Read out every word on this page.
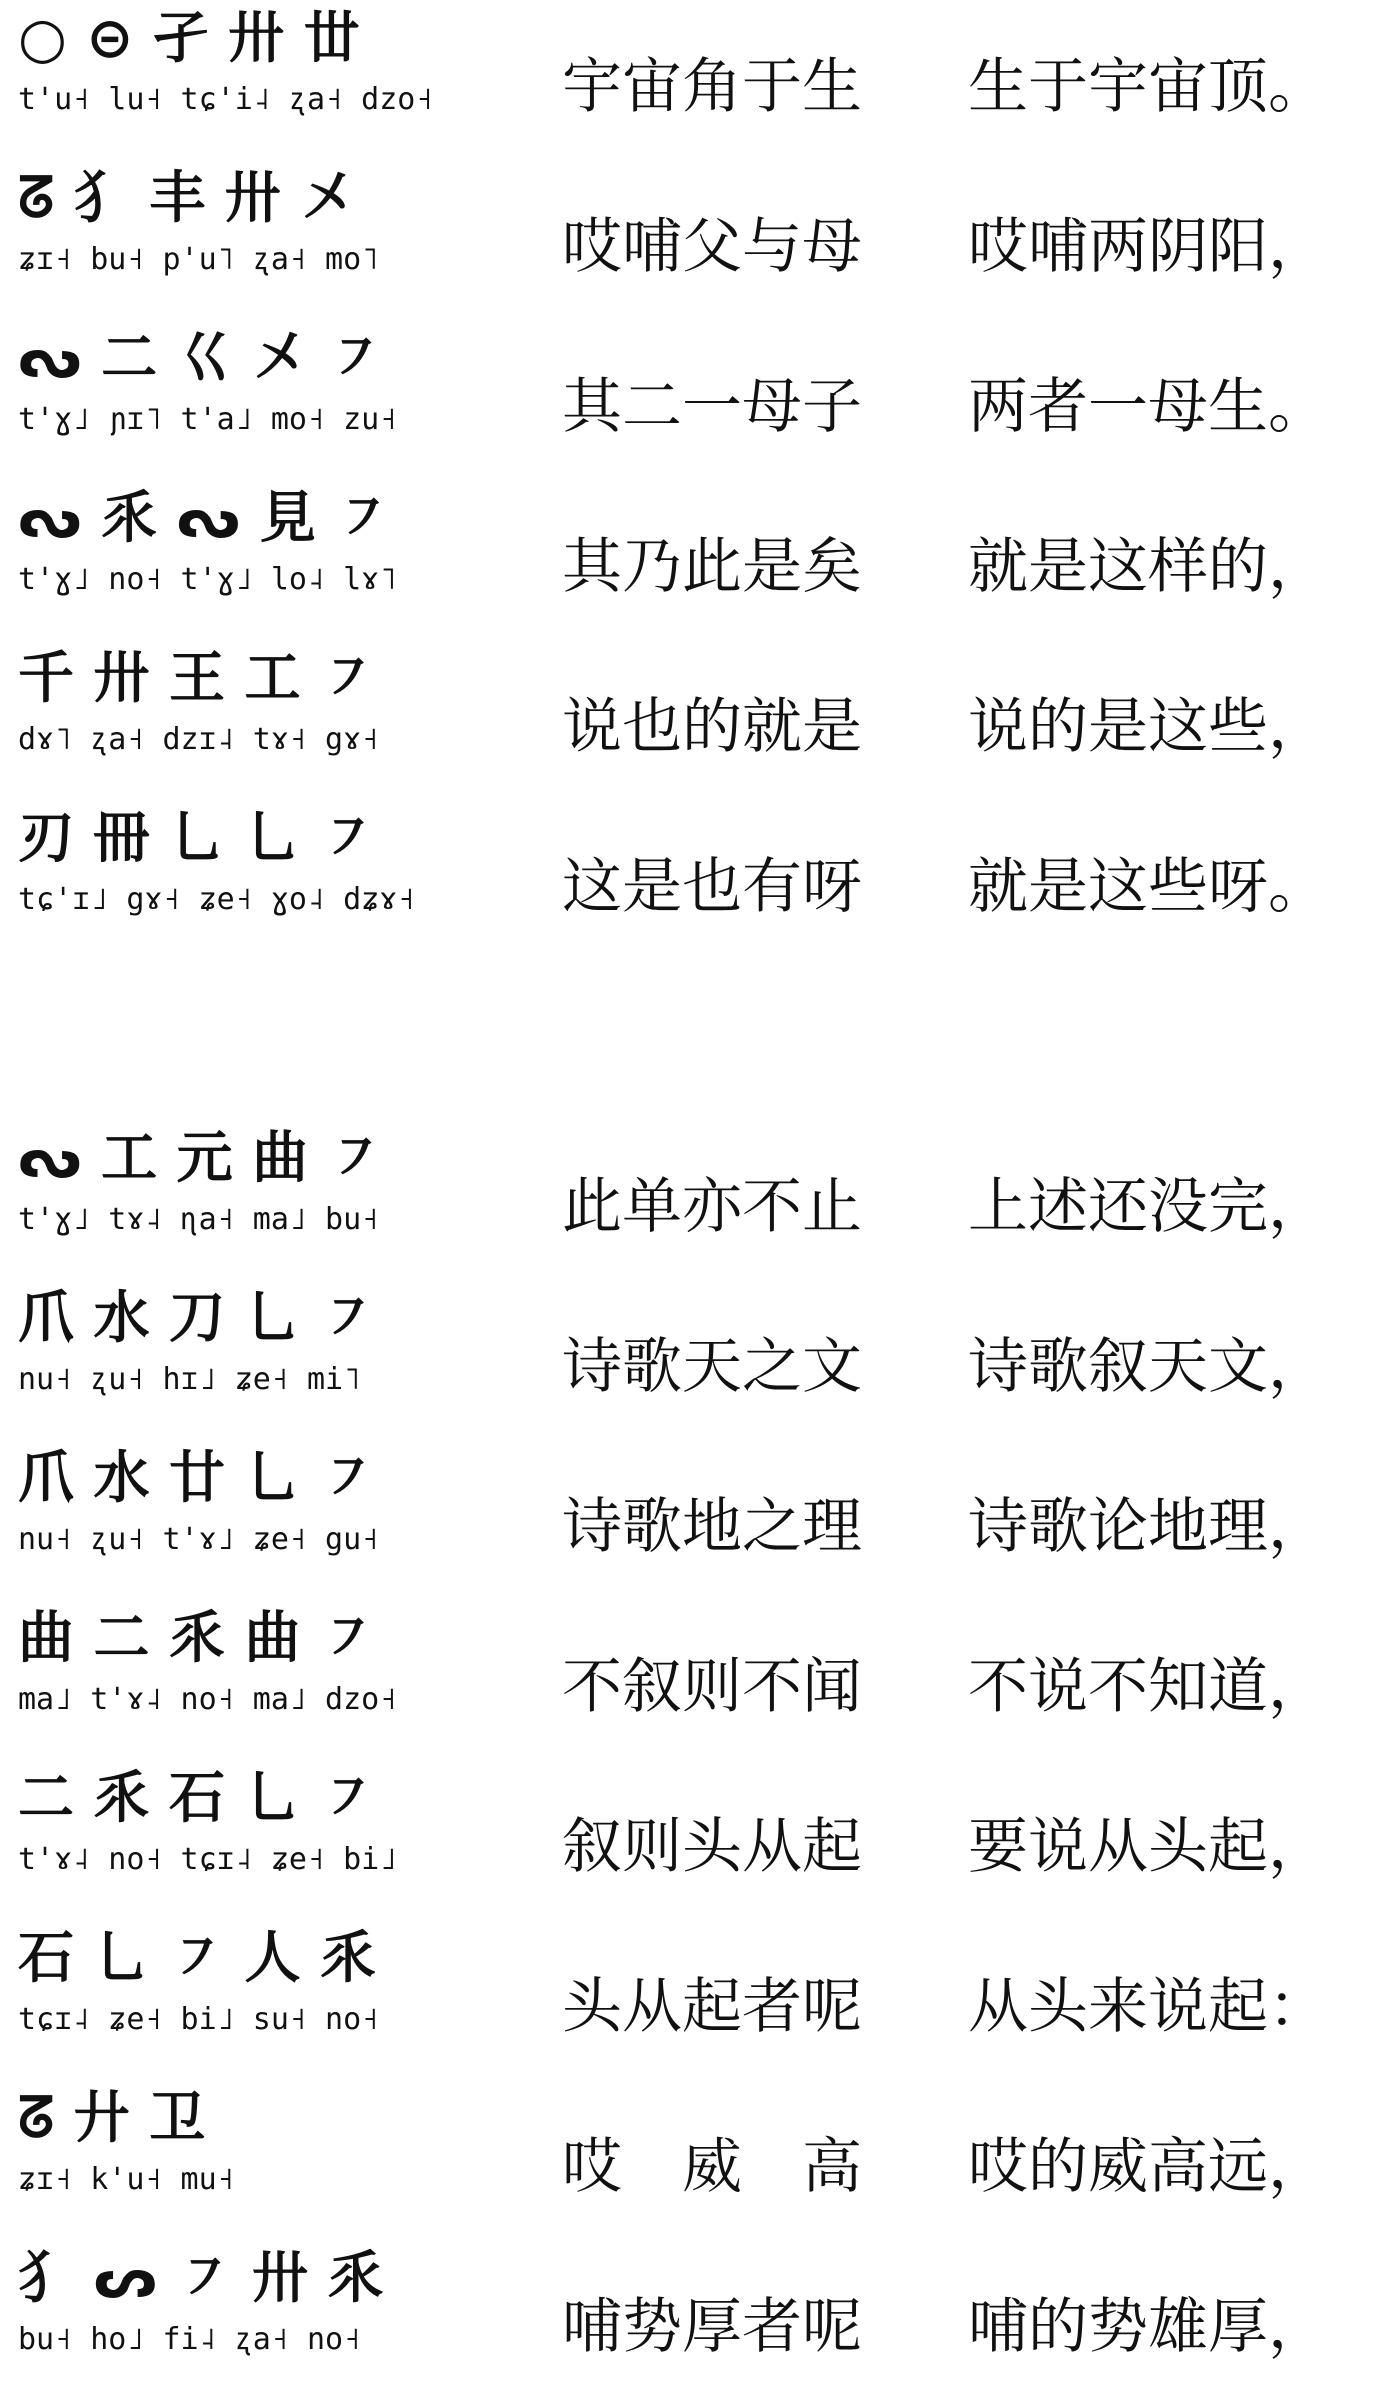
○ ⊝ 孑 卅 丗
t'u˧ lu˧ tɕ'i˨ ʐa˧ dzo˧	宇宙角于生 生于宇宙顶。
ᘔ 犭 丰 卅 㐅
ʑɪ˧ bu˧ p'u˥ ʐa˧ mo˥	哎哺父与母 哎哺两阴阳，
ᔓ 二 巜 㐅 ㇇
t'ɣ˩ ɲɪ˥ t'a˩ mo˧ zu˧	其二一母子 两者一母生。
ᔓ 乑 ᔓ 見 ㇇
t'ɣ˩ no˧ t'ɣ˩ lo˨ lɤ˥	其乃此是矣 就是这样的，
千 卅 王 工 ㇇
dɤ˥ ʐa˧ dzɪ˨ tɤ˧ gɤ˧	说也的就是 说的是这些，
刃 冊 乚 乚 ㇇
tɕ'ɪ˩ gɤ˧ ʑe˧ ɣo˨ dʑɤ˧	这是也有呀 就是这些呀。
ᔓ 工 元 曲 ㇇
t'ɣ˩ tɤ˨ ɳa˧ ma˩ bu˧	此单亦不止 上述还没完，
爪 水 刀 乚 ㇇
nu˧ ʐu˧ hɪ˩ ʑe˧ mi˥	诗歌天之文 诗歌叙天文，
爪 水 廿 乚 ㇇
nu˧ ʐu˧ t'ɤ˩ ʑe˧ gu˧	诗歌地之理 诗歌论地理，
曲 二 乑 曲 ㇇
ma˩ t'ɤ˨ no˧ ma˩ dzo˧	不叙则不闻 不说不知道，
二 乑 石 乚 ㇇
t'ɤ˨ no˧ tɕɪ˨ ʑe˧ bi˩	叙则头从起 要说从头起，
石 乚 ㇇ 人 乑
tɕɪ˨ ʑe˧ bi˩ su˧ no˧	头从起者呢 从头来说起：
ᘔ 廾 卫
ʑɪ˧ k'u˧ mu˧	哎　威　高 哎的威高远，
犭 ᔕ ㇇ 卅 乑
bu˧ ho˩ fi˨ ʐa˧ no˧	哺势厚者呢 哺的势雄厚，
